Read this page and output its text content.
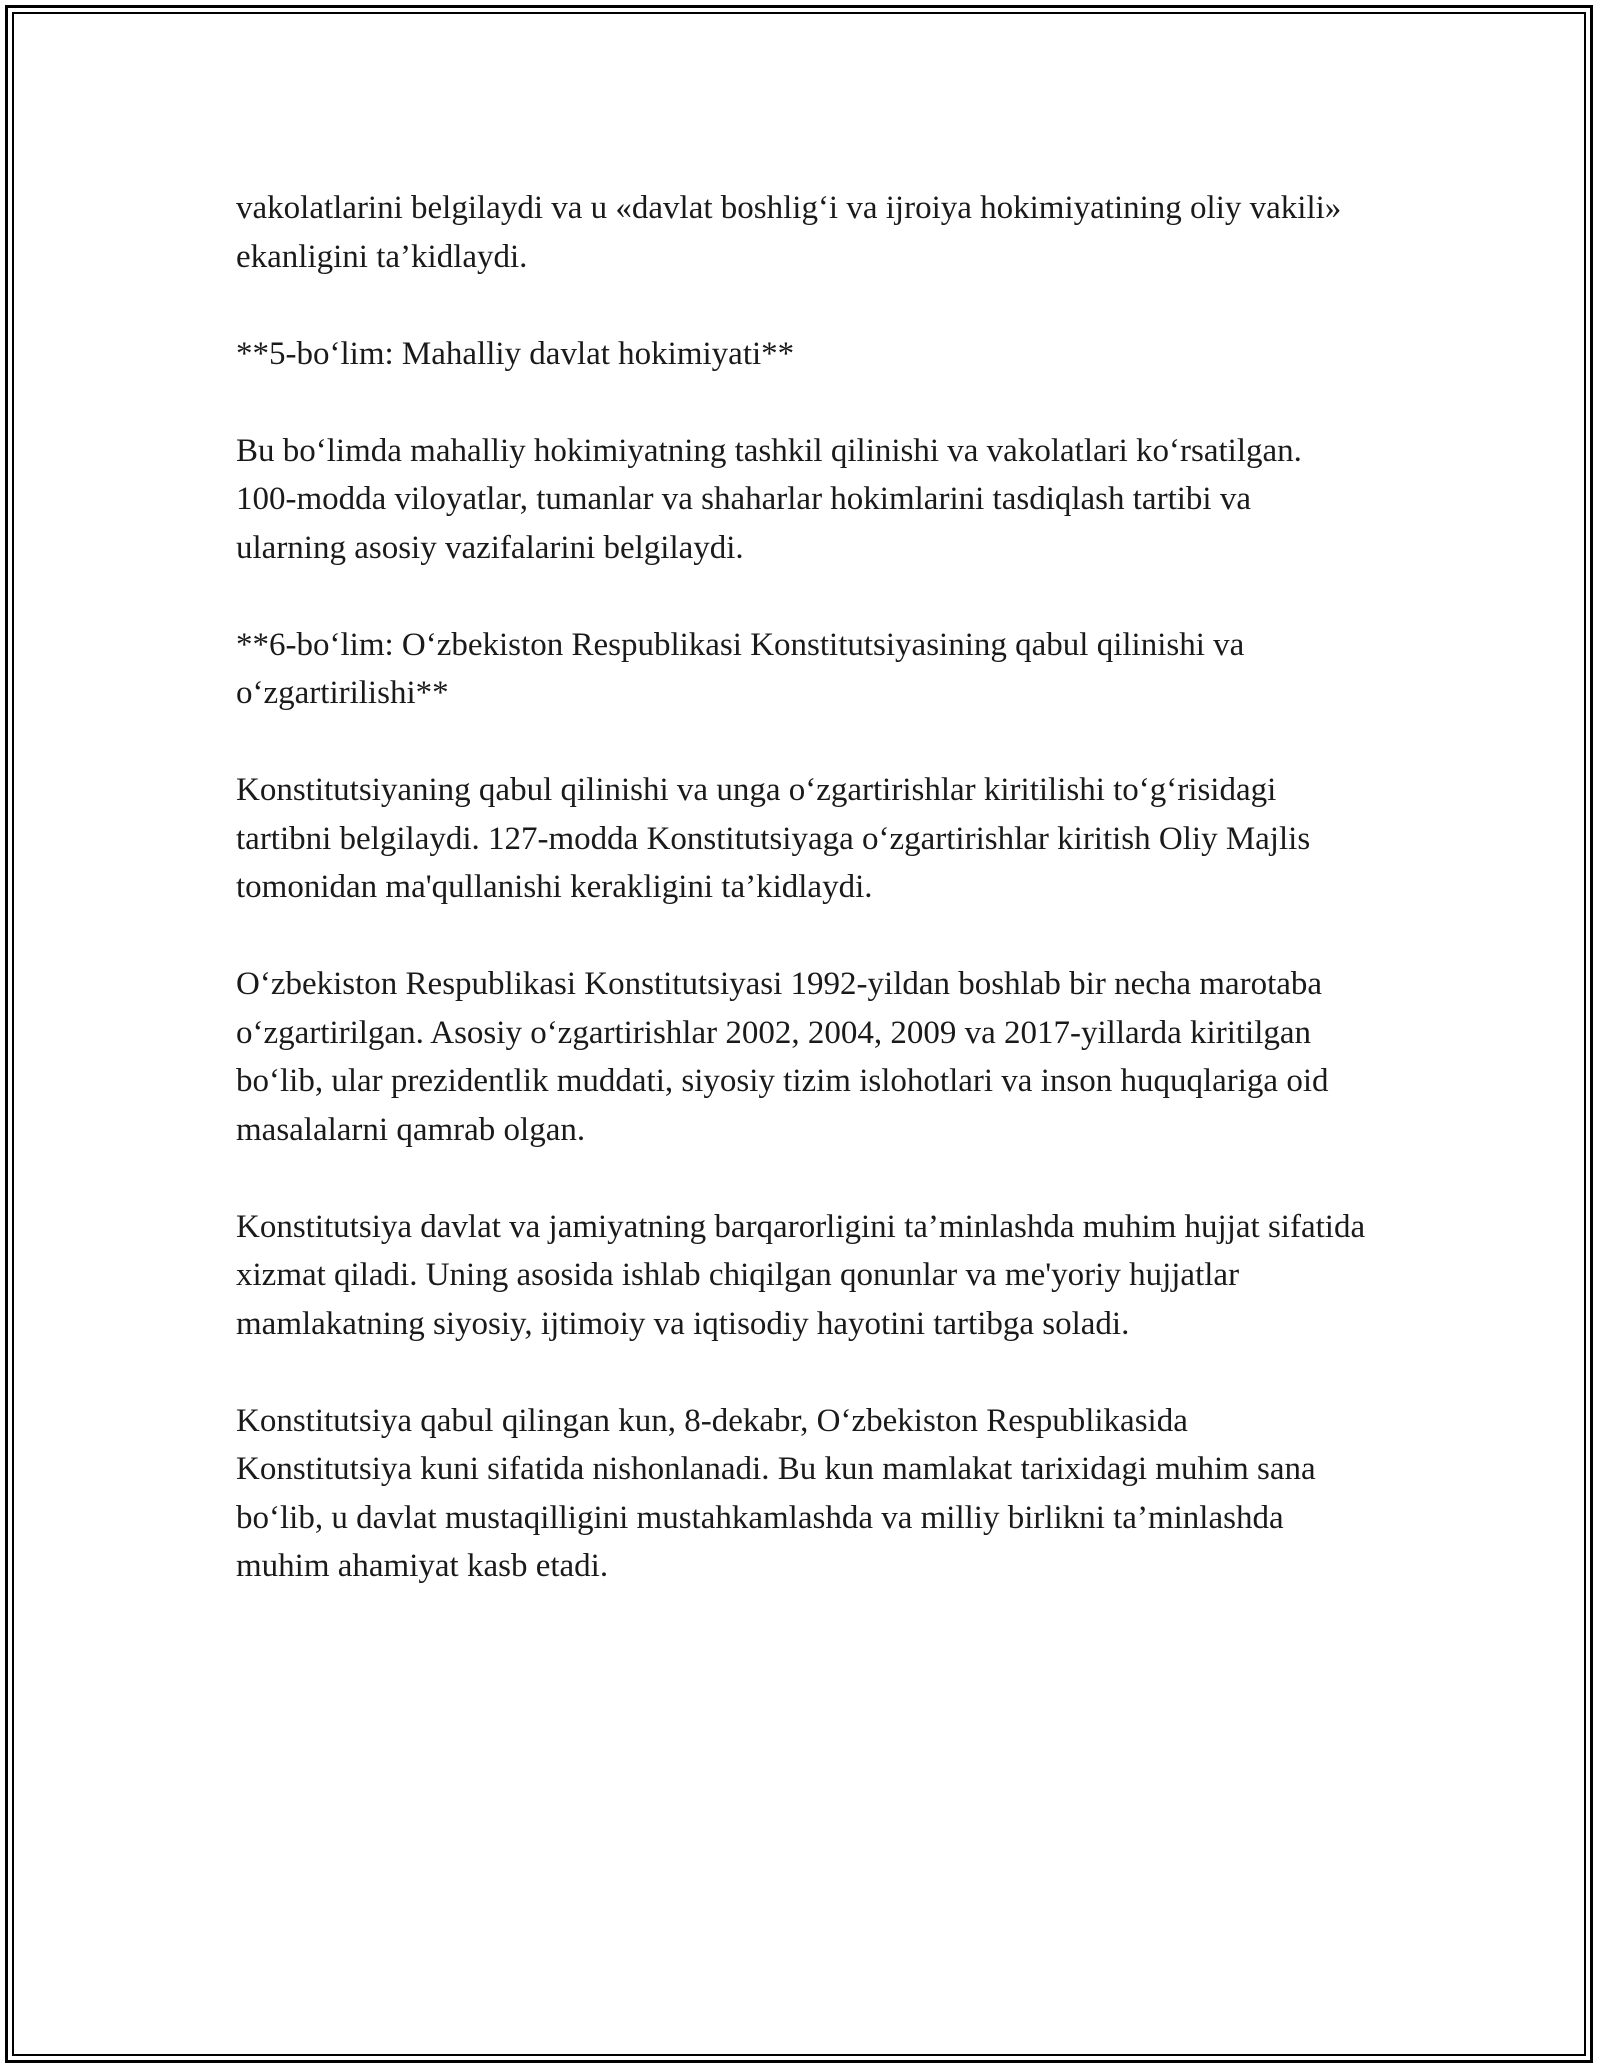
vakolatlarini belgilaydi va u «davlat boshlig‘i va ijroiya hokimiyatining oliy vakili» ekanligini ta’kidlaydi.

**5-bo‘lim: Mahalliy davlat hokimiyati**

Bu bo‘limda mahalliy hokimiyatning tashkil qilinishi va vakolatlari ko‘rsatilgan. 100-modda viloyatlar, tumanlar va shaharlar hokimlarini tasdiqlash tartibi va ularning asosiy vazifalarini belgilaydi.

**6-bo‘lim: O‘zbekiston Respublikasi Konstitutsiyasining qabul qilinishi va o‘zgartirilishi**

Konstitutsiyaning qabul qilinishi va unga o‘zgartirishlar kiritilishi to‘g‘risidagi tartibni belgilaydi. 127-modda Konstitutsiyaga o‘zgartirishlar kiritish Oliy Majlis tomonidan ma'qullanishi kerakligini ta’kidlaydi.

O‘zbekiston Respublikasi Konstitutsiyasi 1992-yildan boshlab bir necha marotaba o‘zgartirilgan. Asosiy o‘zgartirishlar 2002, 2004, 2009 va 2017-yillarda kiritilgan bo‘lib, ular prezidentlik muddati, siyosiy tizim islohotlari va inson huquqlariga oid masalalarni qamrab olgan.

Konstitutsiya davlat va jamiyatning barqarorligini ta’minlashda muhim hujjat sifatida xizmat qiladi. Uning asosida ishlab chiqilgan qonunlar va me'yoriy hujjatlar mamlakatning siyosiy, ijtimoiy va iqtisodiy hayotini tartibga soladi.

Konstitutsiya qabul qilingan kun, 8-dekabr, O‘zbekiston Respublikasida Konstitutsiya kuni sifatida nishonlanadi. Bu kun mamlakat tarixidagi muhim sana bo‘lib, u davlat mustaqilligini mustahkamlashda va milliy birlikni ta’minlashda muhim ahamiyat kasb etadi.
